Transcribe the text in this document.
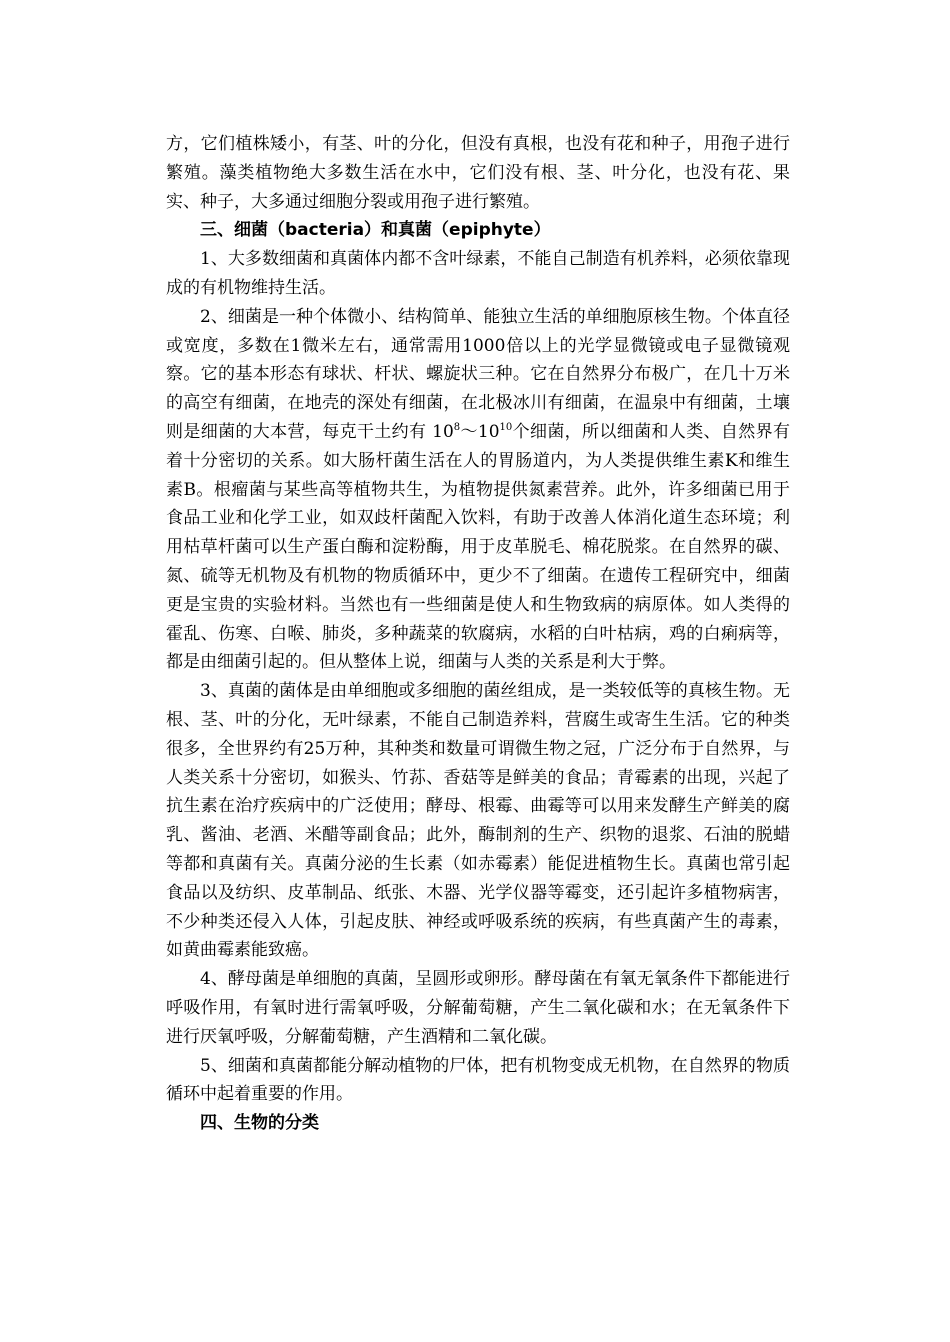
方，它们植株矮小，有茎、叶的分化，但没有真根，也没有花和种子，用孢子进行繁殖。藻类植物绝大多数生活在水中，它们没有根、茎、叶分化，也没有花、果实、种子，大多通过细胞分裂或用孢子进行繁殖。

三、细菌（bacteria）和真菌（epiphyte）

1、大多数细菌和真菌体内都不含叶绿素，不能自己制造有机养料，必须依靠现成的有机物维持生活。

2、细菌是一种个体微小、结构简单、能独立生活的单细胞原核生物。个体直径或宽度，多数在1微米左右，通常需用1000倍以上的光学显微镜或电子显微镜观察。它的基本形态有球状、杆状、螺旋状三种。它在自然界分布极广，在几十万米的高空有细菌，在地壳的深处有细菌，在北极冰川有细菌，在温泉中有细菌，土壤则是细菌的大本营，每克干土约有 $10^8\sim 10^{10}$个细菌，所以细菌和人类、自然界有着十分密切的关系。如大肠杆菌生活在人的胃肠道内，为人类提供维生素K和维生素B。根瘤菌与某些高等植物共生，为植物提供氮素营养。此外，许多细菌已用于食品工业和化学工业，如双歧杆菌配入饮料，有助于改善人体消化道生态环境；利用枯草杆菌可以生产蛋白酶和淀粉酶，用于皮革脱毛、棉花脱浆。在自然界的碳、氮、硫等无机物及有机物的物质循环中，更少不了细菌。在遗传工程研究中，细菌更是宝贵的实验材料。当然也有一些细菌是使人和生物致病的病原体。如人类得的霍乱、伤寒、白喉、肺炎，多种蔬菜的软腐病，水稻的白叶枯病，鸡的白痢病等，都是由细菌引起的。但从整体上说，细菌与人类的关系是利大于弊。

3、真菌的菌体是由单细胞或多细胞的菌丝组成，是一类较低等的真核生物。无根、茎、叶的分化，无叶绿素，不能自己制造养料，营腐生或寄生生活。它的种类很多，全世界约有25万种，其种类和数量可谓微生物之冠，广泛分布于自然界，与人类关系十分密切，如猴头、竹荪、香菇等是鲜美的食品；青霉素的出现，兴起了抗生素在治疗疾病中的广泛使用；酵母、根霉、曲霉等可以用来发酵生产鲜美的腐乳、酱油、老酒、米醋等副食品；此外，酶制剂的生产、织物的退浆、石油的脱蜡等都和真菌有关。真菌分泌的生长素（如赤霉素）能促进植物生长。真菌也常引起食品以及纺织、皮革制品、纸张、木器、光学仪器等霉变，还引起许多植物病害，不少种类还侵入人体，引起皮肤、神经或呼吸系统的疾病，有些真菌产生的毒素，如黄曲霉素能致癌。

4、酵母菌是单细胞的真菌，呈圆形或卵形。酵母菌在有氧无氧条件下都能进行呼吸作用，有氧时进行需氧呼吸，分解葡萄糖，产生二氧化碳和水；在无氧条件下进行厌氧呼吸，分解葡萄糖，产生酒精和二氧化碳。

5、细菌和真菌都能分解动植物的尸体，把有机物变成无机物，在自然界的物质循环中起着重要的作用。

四、生物的分类
